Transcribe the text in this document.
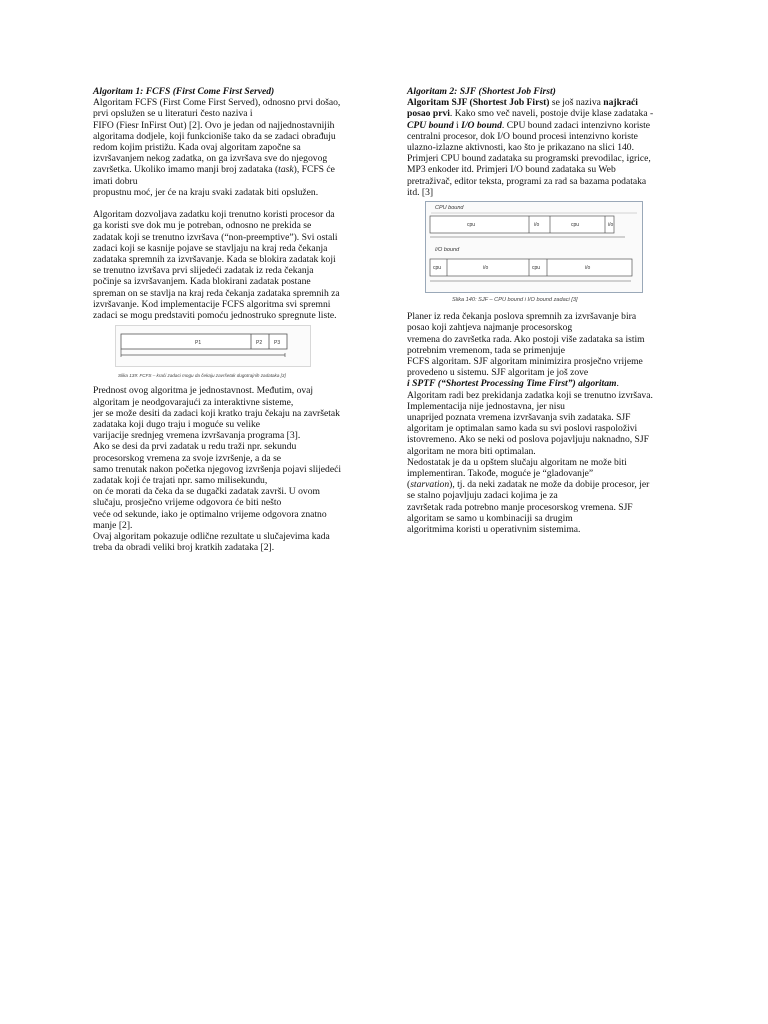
Algoritam 1: FCFS (First Come First Served)
Algoritam FCFS (First Come First Served), odnosno prvi došao,
prvi opslužen se u literaturi često naziva i
FIFO (Fiesr InFirst Out) [2]. Ovo je jedan od najjednostavnijih
algoritama dodjele, koji funkcioniše tako da se zadaci obrađuju
redom kojim pristižu. Kada ovaj algoritam započne sa
izvršavanjem nekog zadatka, on ga izvršava sve do njegovog
završetka. Ukoliko imamo manji broj zadataka (task), FCFS će
imati dobru
propustnu moć, jer će na kraju svaki zadatak biti opslužen.
Algoritam dozvoljava zadatku koji trenutno koristi procesor da
ga koristi sve dok mu je potreban, odnosno ne prekida se
zadatak koji se trenutno izvršava (“non-preemptive”). Svi ostali
zadaci koji se kasnije pojave se stavljaju na kraj reda čekanja
zadataka spremnih za izvršavanje. Kada se blokira zadatak koji
se trenutno izvršava prvi slijedeći zadatak iz reda čekanja
počinje sa izvršavanjem. Kada blokirani zadatak postane
spreman on se stavlja na kraj reda čekanja zadataka spremnih za
izvršavanje. Kod implementacije FCFS algoritma svi spremni
zadaci se mogu predstaviti pomoću jednostruko spregnute liste.
P1	P2 P3
Slika 139: FCFS – kraći zadaci mogu da čekaju završetak dugotrajnih zadataka [3]
Prednost ovog algoritma je jednostavnost. Međutim, ovaj
algoritam je neodgovarajući za interaktivne sisteme,
jer se može desiti da zadaci koji kratko traju čekaju na završetak
zadataka koji dugo traju i moguće su velike
varijacije srednjeg vremena izvršavanja programa [3].
Ako se desi da prvi zadatak u redu traži npr. sekundu
procesorskog vremena za svoje izvršenje, a da se
samo trenutak nakon početka njegovog izvršenja pojavi slijedeći
zadatak koji će trajati npr. samo milisekundu,
on će morati da čeka da se dugački zadatak završi. U ovom
slučaju, prosječno vrijeme odgovora će biti nešto
veće od sekunde, iako je optimalno vrijeme odgovora znatno
manje [2].
Ovaj algoritam pokazuje odlične rezultate u slučajevima kada
treba da obradi veliki broj kratkih zadataka [2].
Algoritam 2: SJF (Shortest Job First)
Algoritam SJF (Shortest Job First) se još naziva najkraći
posao prvi. Kako smo več naveli, postoje dvije klase zadataka -
CPU bound i I/O bound. CPU bound zadaci intenzivno koriste
centralni procesor, dok I/O bound procesi intenzivno koriste
ulazno-izlazne aktivnosti, kao što je prikazano na slici 140.
Primjeri CPU bound zadataka su programski prevodilac, igrice,
MP3 enkoder itd. Primjeri I/O bound zadataka su Web
pretraživač, editor teksta, programi za rad sa bazama podataka
itd. [3]
CPU bound
cpu	i/o	cpu	i/o
I/O bound
cpu	i/o	cpu	i/o
Slika 140: SJF – CPU bound i I/O bound zadaci [3]
Planer iz reda čekanja poslova spremnih za izvršavanje bira
posao koji zahtjeva najmanje procesorskog
vremena do završetka rada. Ako postoji više zadataka sa istim
potrebnim vremenom, tada se primenjuje
FCFS algoritam. SJF algoritam minimizira prosječno vrijeme
provedeno u sistemu. SJF algoritam je još zove
i SPTF (“Shortest Processing Time First”) algoritam.
Algoritam radi bez prekidanja zadatka koji se trenutno izvršava.
Implementacija nije jednostavna, jer nisu
unaprijed poznata vremena izvršavanja svih zadataka. SJF
algoritam je optimalan samo kada su svi poslovi raspoloživi
istovremeno. Ako se neki od poslova pojavljuju naknadno, SJF
algoritam ne mora biti optimalan.
Nedostatak je da u opštem slučaju algoritam ne može biti
implementiran. Takođe, moguće je “gladovanje”
(starvation), tj. da neki zadatak ne može da dobije procesor, jer
se stalno pojavljuju zadaci kojima je za
završetak rada potrebno manje procesorskog vremena. SJF
algoritam se samo u kombinaciji sa drugim
algoritmima koristi u operativnim sistemima.
